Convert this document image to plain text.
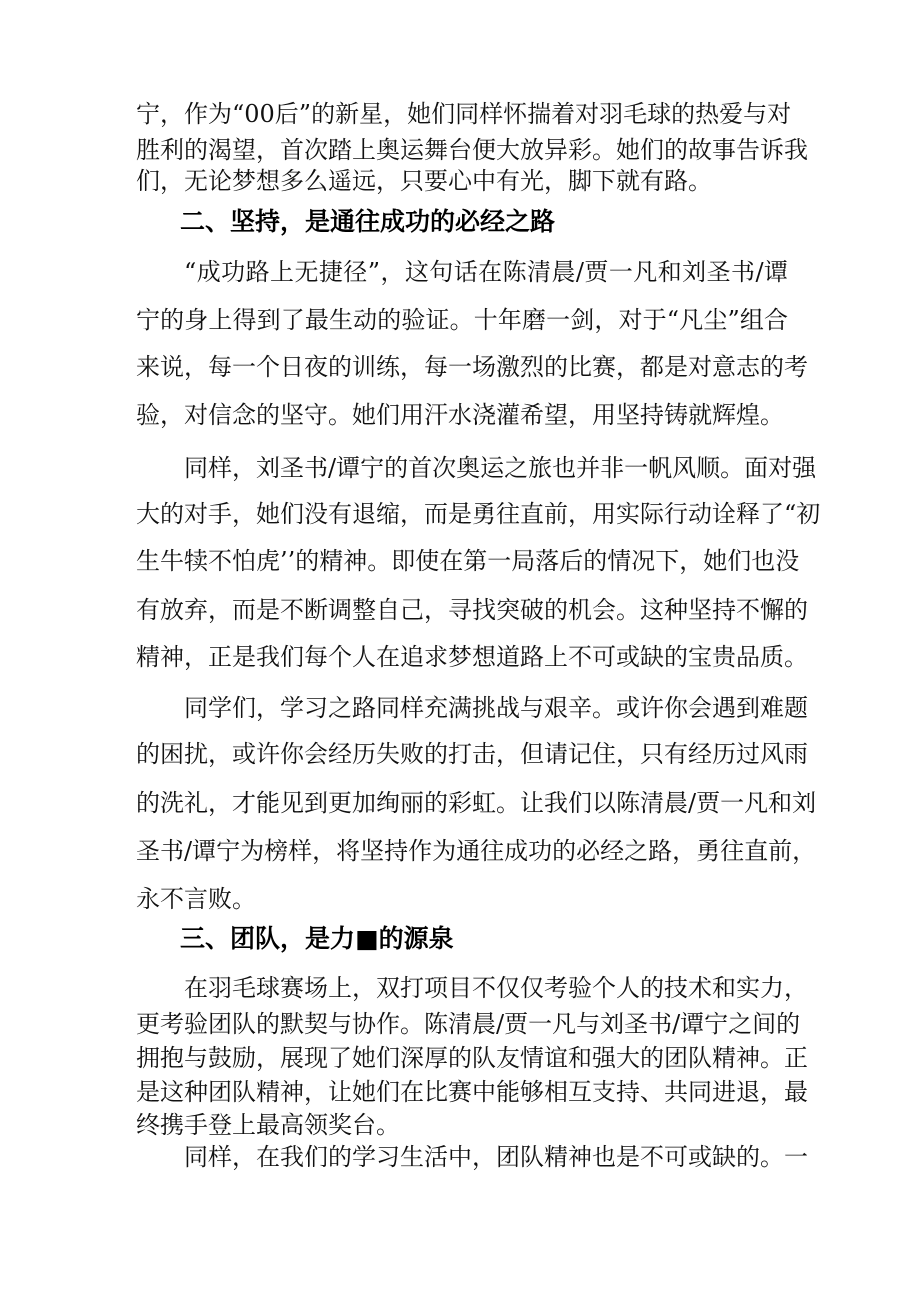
宁，作为“00后”的新星，她们同样怀揣着对羽毛球的热爱与对

胜利的渴望，首次踏上奥运舞台便大放异彩。她们的故事告诉我

们，无论梦想多么遥远，只要心中有光，脚下就有路。

二、坚持，是通往成功的必经之路

“成功路上无捷径”，这句话在陈清晨/贾一凡和刘圣书/谭

宁的身上得到了最生动的验证。十年磨一剑，对于“凡尘”组合

来说，每一个日夜的训练，每一场激烈的比赛，都是对意志的考

验，对信念的坚守。她们用汗水浇灌希望，用坚持铸就辉煌。

同样，刘圣书/谭宁的首次奥运之旅也并非一帆风顺。面对强

大的对手，她们没有退缩，而是勇往直前，用实际行动诠释了“初

生牛犊不怕虎’’的精神。即使在第一局落后的情况下，她们也没

有放弃，而是不断调整自己，寻找突破的机会。这种坚持不懈的

精神，正是我们每个人在追求梦想道路上不可或缺的宝贵品质。

同学们，学习之路同样充满挑战与艰辛。或许你会遇到难题

的困扰，或许你会经历失败的打击，但请记住，只有经历过风雨

的洗礼，才能见到更加绚丽的彩虹。让我们以陈清晨/贾一凡和刘

圣书/谭宁为榜样，将坚持作为通往成功的必经之路，勇往直前，

永不言败。

三、团队，是力■的源泉

在羽毛球赛场上，双打项目不仅仅考验个人的技术和实力，

更考验团队的默契与协作。陈清晨/贾一凡与刘圣书/谭宁之间的

拥抱与鼓励，展现了她们深厚的队友情谊和强大的团队精神。正

是这种团队精神，让她们在比赛中能够相互支持、共同进退，最

终携手登上最高领奖台。

同样，在我们的学习生活中，团队精神也是不可或缺的。一
